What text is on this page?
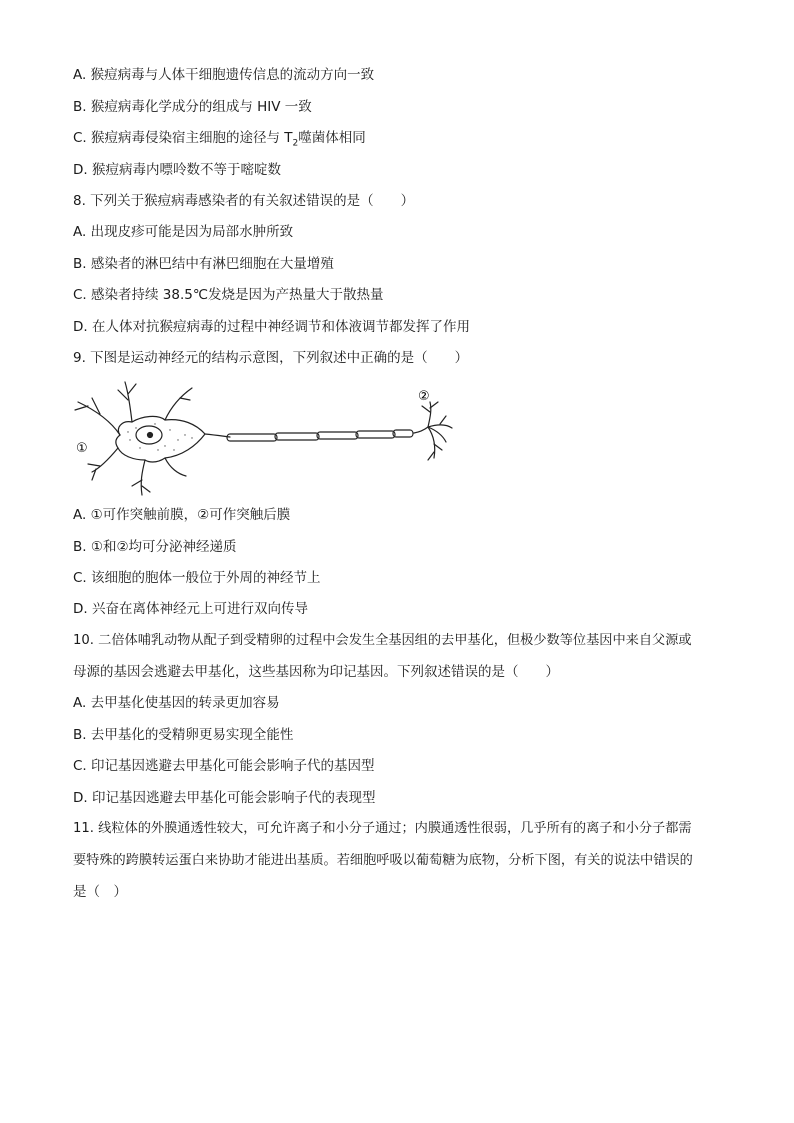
A. 猴痘病毒与人体干细胞遗传信息的流动方向一致
B. 猴痘病毒化学成分的组成与 HIV 一致
C. 猴痘病毒侵染宿主细胞的途径与 $T_2$噬菌体相同
D. 猴痘病毒内嘌呤数不等于嘧啶数
8. 下列关于猴痘病毒感染者的有关叙述错误的是（　　）
A. 出现皮疹可能是因为局部水肿所致
B. 感染者的淋巴结中有淋巴细胞在大量增殖
C. 感染者持续 38.5℃发烧是因为产热量大于散热量
D. 在人体对抗猴痘病毒的过程中神经调节和体液调节都发挥了作用
9. 下图是运动神经元的结构示意图，下列叙述中正确的是（　　）
①
②
A. ①可作突触前膜，②可作突触后膜
B. ①和②均可分泌神经递质
C. 该细胞的胞体一般位于外周的神经节上
D. 兴奋在离体神经元上可进行双向传导
10. 二倍体哺乳动物从配子到受精卵的过程中会发生全基因组的去甲基化，但极少数等位基因中来自父源或
母源的基因会逃避去甲基化，这些基因称为印记基因。下列叙述错误的是（　　）
A. 去甲基化使基因的转录更加容易
B. 去甲基化的受精卵更易实现全能性
C. 印记基因逃避去甲基化可能会影响子代的基因型
D. 印记基因逃避去甲基化可能会影响子代的表现型
11. 线粒体的外膜通透性较大，可允许离子和小分子通过；内膜通透性很弱，几乎所有的离子和小分子都需
要特殊的跨膜转运蛋白来协助才能进出基质。若细胞呼吸以葡萄糖为底物，分析下图，有关的说法中错误的
是（　）
